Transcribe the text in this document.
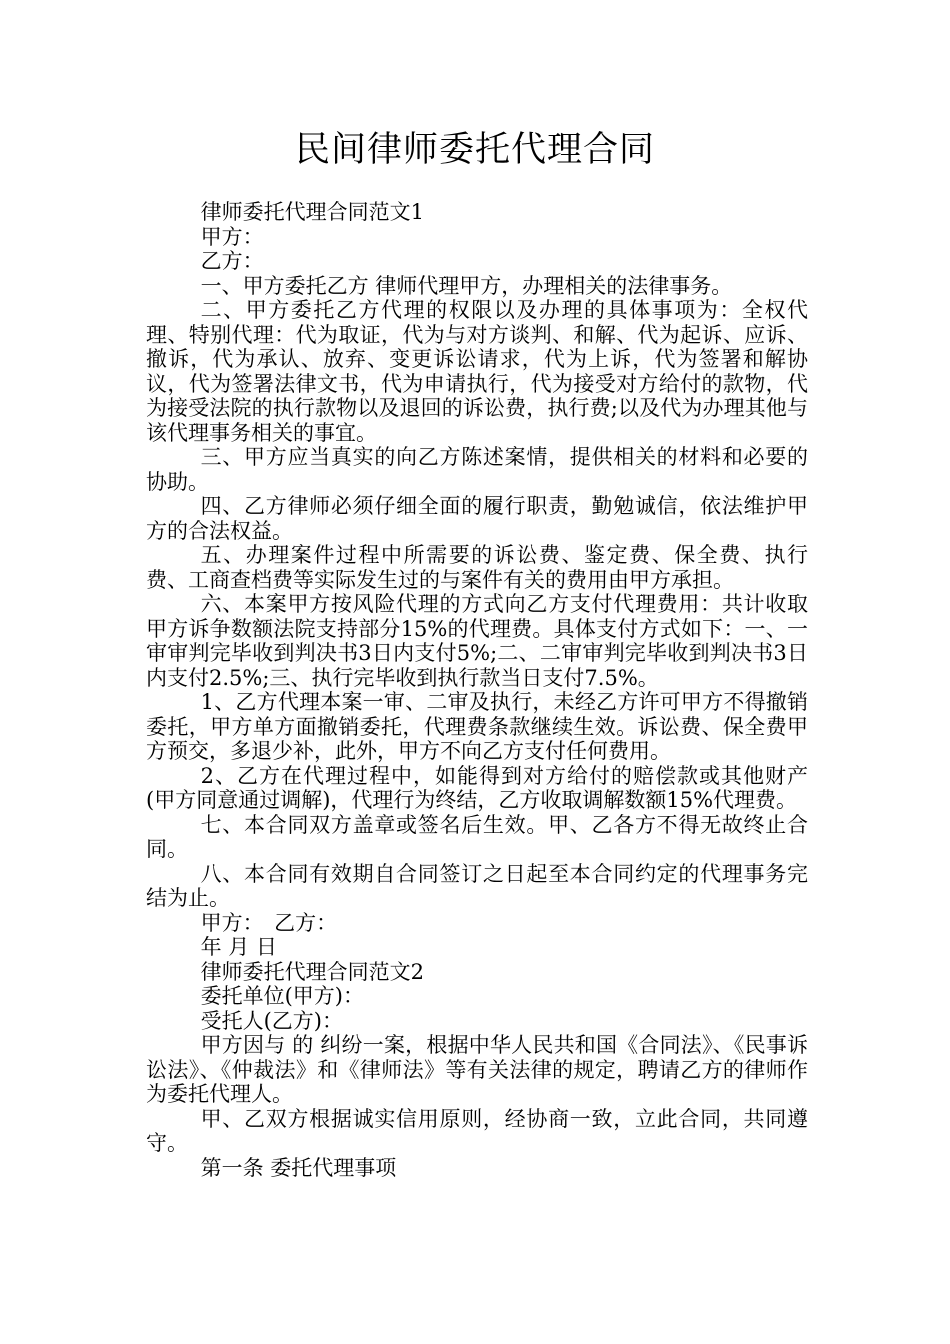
民间律师委托代理合同

律师委托代理合同范文1

甲方：

乙方：

一、甲方委托乙方 律师代理甲方，办理相关的法律事务。

二、甲方委托乙方代理的权限以及办理的具体事项为：全权代理、特别代理：代为取证，代为与对方谈判、和解、代为起诉、应诉、撤诉，代为承认、放弃、变更诉讼请求，代为上诉，代为签署和解协议，代为签署法律文书，代为申请执行，代为接受对方给付的款物，代为接受法院的执行款物以及退回的诉讼费，执行费;以及代为办理其他与该代理事务相关的事宜。

三、甲方应当真实的向乙方陈述案情，提供相关的材料和必要的协助。

四、乙方律师必须仔细全面的履行职责，勤勉诚信，依法维护甲方的合法权益。

五、办理案件过程中所需要的诉讼费、鉴定费、保全费、执行费、工商查档费等实际发生过的与案件有关的费用由甲方承担。

六、本案甲方按风险代理的方式向乙方支付代理费用：共计收取甲方诉争数额法院支持部分15%的代理费。具体支付方式如下：一、一审审判完毕收到判决书3日内支付5%;二、二审审判完毕收到判决书3日内支付2.5%;三、执行完毕收到执行款当日支付7.5%。

1、乙方代理本案一审、二审及执行，未经乙方许可甲方不得撤销委托，甲方单方面撤销委托，代理费条款继续生效。诉讼费、保全费甲方预交，多退少补，此外，甲方不向乙方支付任何费用。

2、乙方在代理过程中，如能得到对方给付的赔偿款或其他财产(甲方同意通过调解)，代理行为终结，乙方收取调解数额15%代理费。

七、本合同双方盖章或签名后生效。甲、乙各方不得无故终止合同。

八、本合同有效期自合同签订之日起至本合同约定的代理事务完结为止。

甲方：　乙方：

年 月 日

律师委托代理合同范文2

委托单位(甲方)：

受托人(乙方)：

甲方因与 的 纠纷一案，根据中华人民共和国《合同法》、《民事诉讼法》、《仲裁法》和《律师法》等有关法律的规定，聘请乙方的律师作为委托代理人。

甲、乙双方根据诚实信用原则，经协商一致，立此合同，共同遵守。

第一条 委托代理事项
